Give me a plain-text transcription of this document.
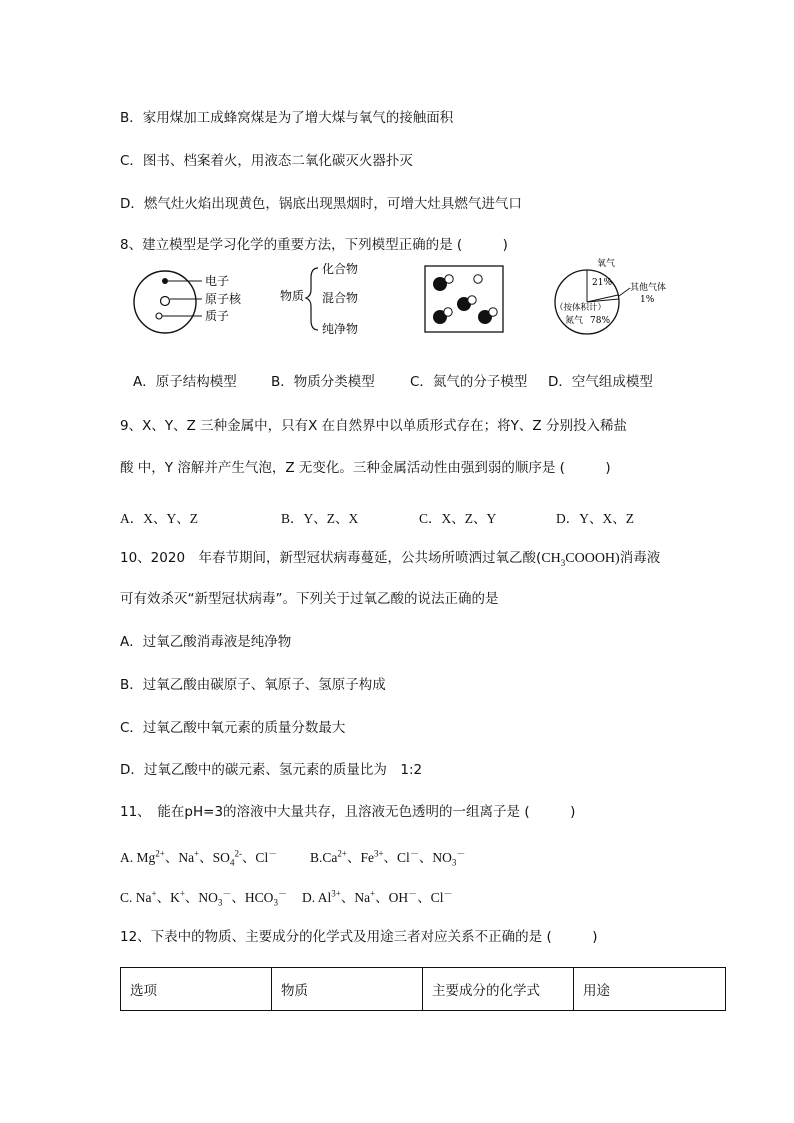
B．家用煤加工成蜂窝煤是为了增大煤与氧气的接触面积
C．图书、档案着火，用液态二氧化碳灭火器扑灭
D．燃气灶火焰出现黄色，锅底出现黑烟时，可增大灶具燃气进气口
8、建立模型是学习化学的重要方法，下列模型正确的是 (　　　)
电子
原子核
质子
物质
化合物
混合物
纯净物
氧气
21% 其他气体
1%
（按体积计）
氮气 78%
A．原子结构模型	B．物质分类模型	C．氮气的分子模型 D．空气组成模型
9、X、Y、Z 三种金属中，只有X 在自然界中以单质形式存在；将Y、Z 分别投入稀盐
酸 中，Y 溶解并产生气泡，Z 无变化。三种金属活动性由强到弱的顺序是 (　　　)
A．X、Y、Z	B．Y、Z、X	C．X、Z、Y	D．Y、X、Z
10、2020　年春节期间，新型冠状病毒蔓延，公共场所喷洒过氧乙酸$(CH_3COOOH)$消毒液
可有效杀灭“新型冠状病毒”。下列关于过氧乙酸的说法正确的是
A．过氧乙酸消毒液是纯净物
B．过氧乙酸由碳原子、氧原子、氢原子构成
C．过氧乙酸中氧元素的质量分数最大
D．过氧乙酸中的碳元素、氢元素的质量比为　1:2
11、　能在pH=3的溶液中大量共存，且溶液无色透明的一组离子是 (　　　)
A. $Mg^{2+}$、Na+、$SO_4^{2-}$、Cl－ $B.Ca^{2+}$、$Fe^{3+}$、Cl－、$NO_3^-$
C. Na+、K+、$NO_3^-$、$HCO_3^-$ D. $Al^{3+}$、Na+、OH－、Cl－
12、下表中的物质、主要成分的化学式及用途三者对应关系不正确的是 (　　　)
选项	物质	主要成分的化学式	用途
